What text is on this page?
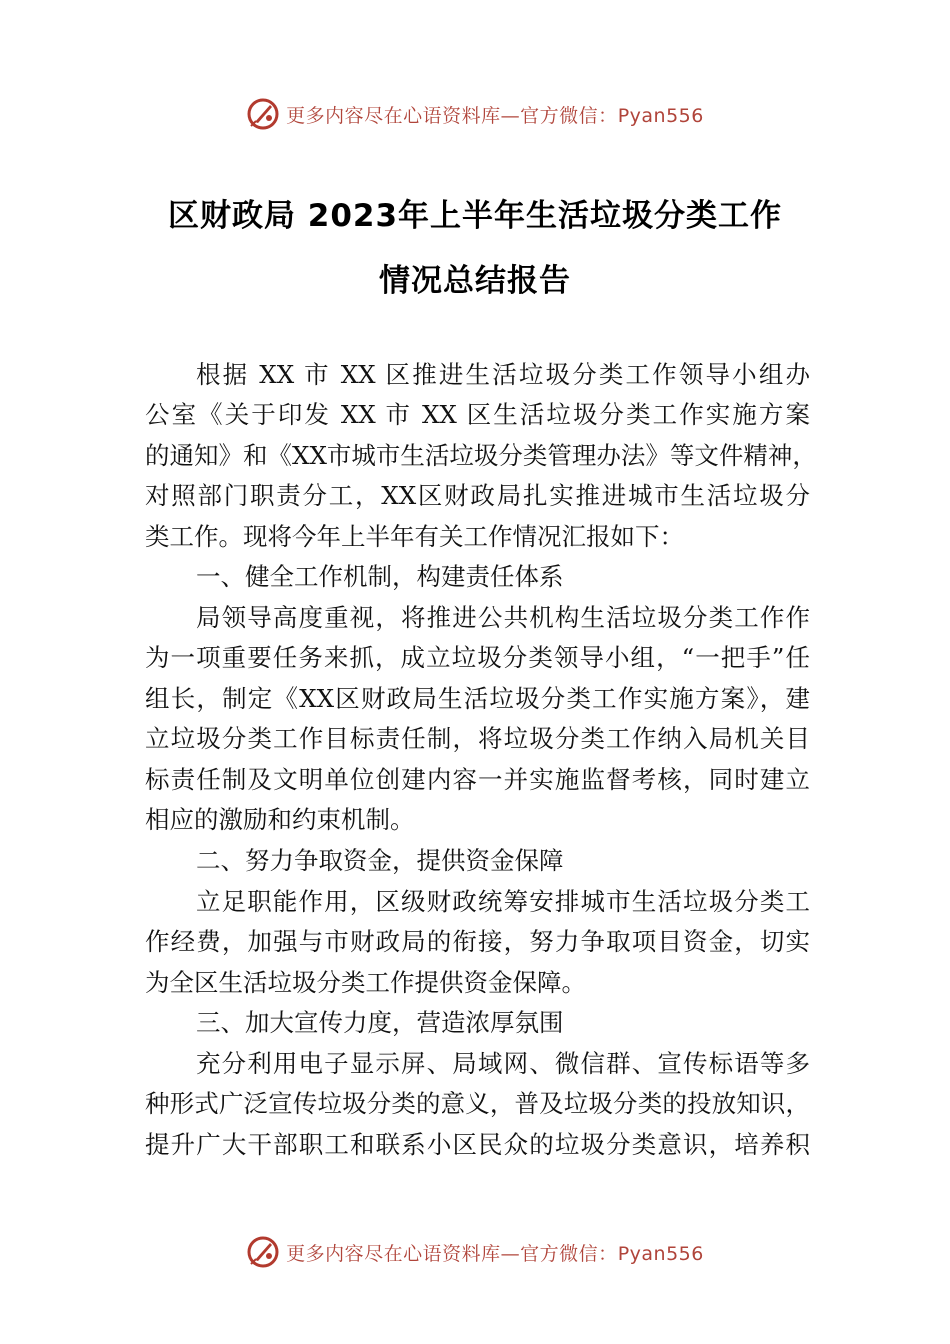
更多内容尽在心语资料库—官方微信：Pyan556
区财政局 2023年上半年生活垃圾分类工作
情况总结报告
根据 XX 市 XX 区推进生活垃圾分类工作领导小组办
公室《关于印发 XX 市 XX 区生活垃圾分类工作实施方案
的通知》和《XX市城市生活垃圾分类管理办法》等文件精神，
对照部门职责分工，XX区财政局扎实推进城市生活垃圾分
类工作。现将今年上半年有关工作情况汇报如下：
一、健全工作机制，构建责任体系
局领导高度重视，将推进公共机构生活垃圾分类工作作
为一项重要任务来抓，成立垃圾分类领导小组，“一把手”任
组长，制定《XX区财政局生活垃圾分类工作实施方案》，建
立垃圾分类工作目标责任制，将垃圾分类工作纳入局机关目
标责任制及文明单位创建内容一并实施监督考核，同时建立
相应的激励和约束机制。
二、努力争取资金，提供资金保障
立足职能作用，区级财政统筹安排城市生活垃圾分类工
作经费，加强与市财政局的衔接，努力争取项目资金，切实
为全区生活垃圾分类工作提供资金保障。
三、加大宣传力度，营造浓厚氛围
充分利用电子显示屏、局域网、微信群、宣传标语等多
种形式广泛宣传垃圾分类的意义，普及垃圾分类的投放知识，
提升广大干部职工和联系小区民众的垃圾分类意识，培养积
更多内容尽在心语资料库—官方微信：Pyan556
